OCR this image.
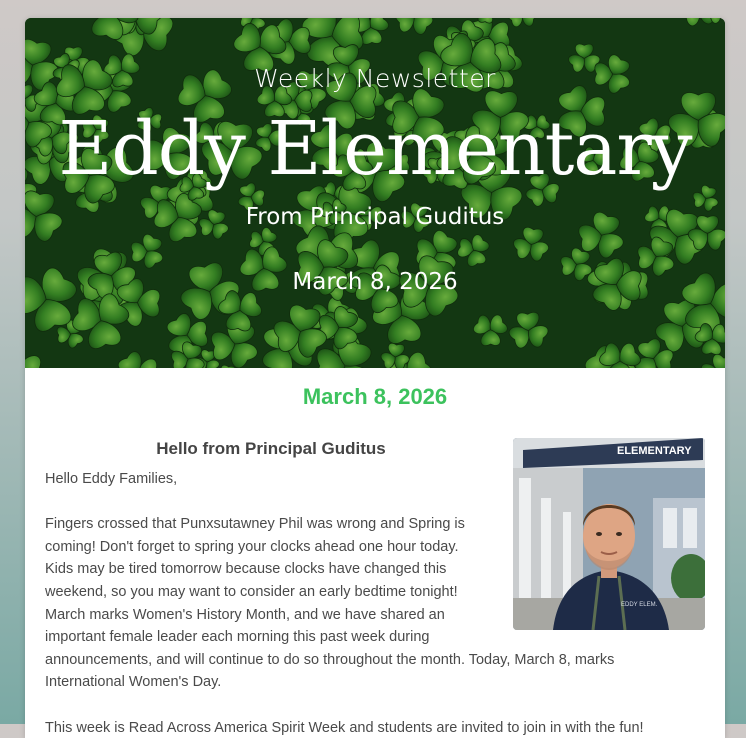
Weekly Newsletter
Eddy Elementary
From Principal Guditus
March 8, 2026
March 8, 2026
Hello from Principal Guditus	ELEMENTARY
EDDY ELEM.

Hello Eddy Families,

Fingers crossed that Punxsutawney Phil was wrong and Spring is coming! Don't forget to spring your clocks ahead one hour today. Kids may be tired tomorrow because clocks have changed this weekend, so you may want to consider an early bedtime tonight! March marks Women's History Month, and we have shared an important female leader each morning this past week during

announcements, and will continue to do so throughout the month. Today, March 8, marks International Women's Day.

This week is Read Across America Spirit Week and students are invited to join in with the fun!
